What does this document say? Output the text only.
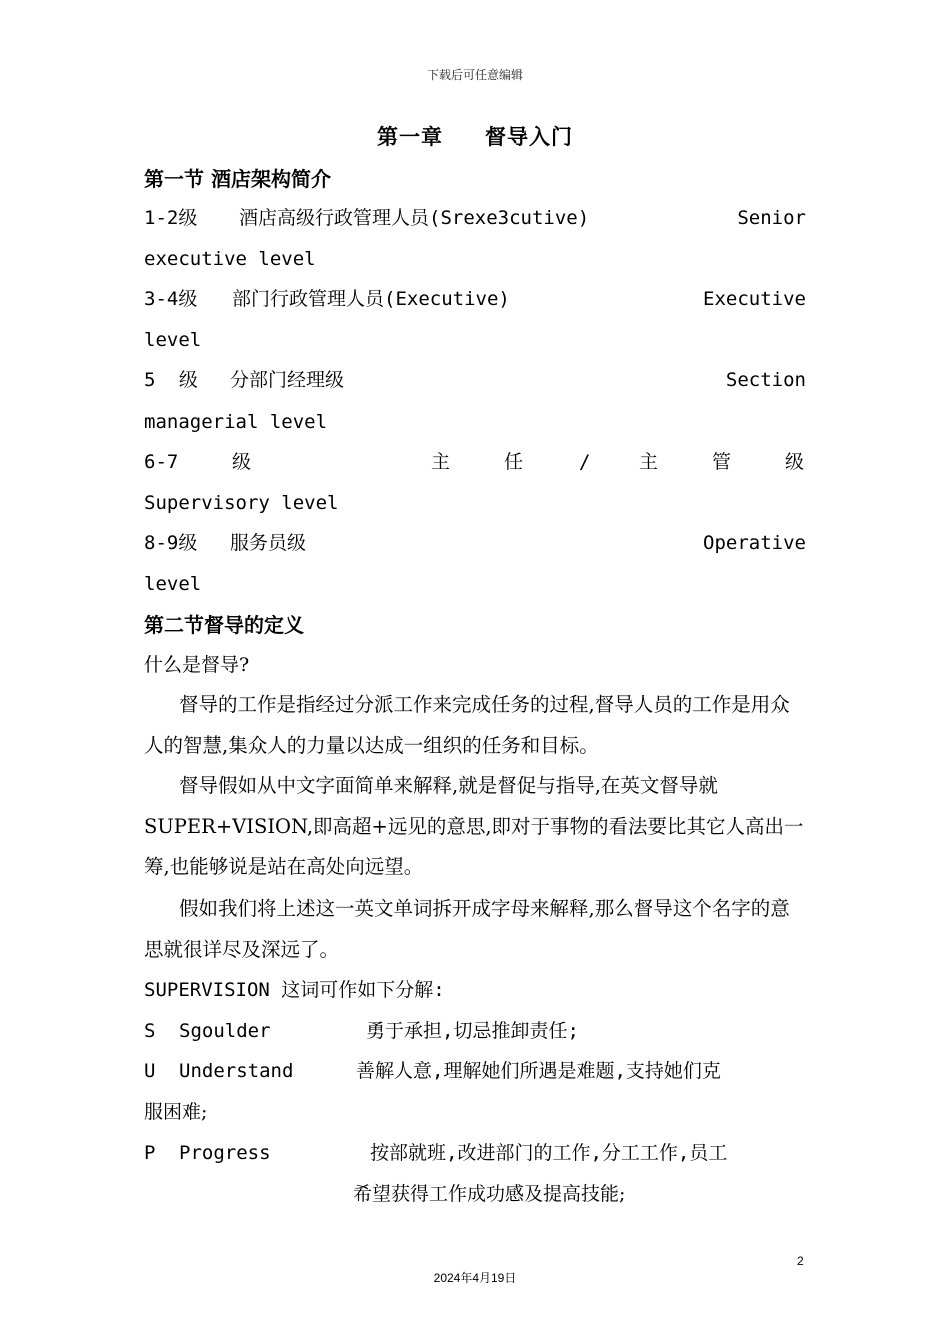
下载后可任意编辑
第一章 督导入门
第一节 酒店架构简介
1-2级 酒店高级行政管理人员(Srexe3cutive)	Senior
executive level
3-4级 部门行政管理人员(Executive)	Executive
level
5 级 分部门经理级	Section
managerial level
6-7	级	主	任	/	主	管	级
Supervisory level
8-9级 服务员级	Operative
level
第二节督导的定义
什么是督导?
督导的工作是指经过分派工作来完成任务的过程,督导人员的工作是用众人的智慧,集众人的力量以达成一组织的任务和目标。
督导假如从中文字面简单来解释,就是督促与指导,在英文督导就SUPER+VISION,即高超+远见的意思,即对于事物的看法要比其它人高出一筹,也能够说是站在高处向远望。
假如我们将上述这一英文单词拆开成字母来解释,那么督导这个名字的意思就很详尽及深远了。
SUPERVISION 这词可作如下分解:
S Sgoulder	勇于承担,切忌推卸责任;
U Understand	善解人意,理解她们所遇是难题,支持她们克
服困难;
P Progress	按部就班,改进部门的工作,分工工作,员工
希望获得工作成功感及提高技能;
2
2024年4月19日
